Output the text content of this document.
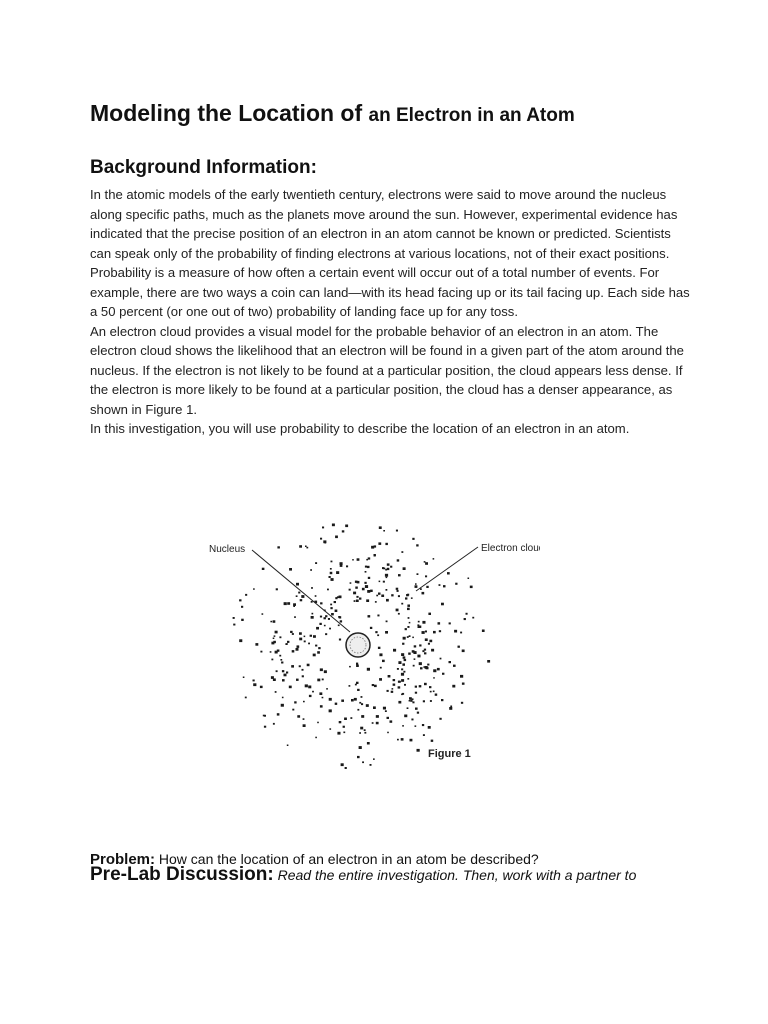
Modeling the Location of an Electron in an Atom
Background Information:

In the atomic models of the early twentieth century, electrons were said to move around the nucleus along specific paths, much as the planets move around the sun. However, experimental evidence has indicated that the precise position of an electron in an atom cannot be known or predicted. Scientists can speak only of the probability of finding electrons at various locations, not of their exact positions.

Probability is a measure of how often a certain event will occur out of a total number of events. For example, there are two ways a coin can land—with its head facing up or its tail facing up. Each side has a 50 percent (or one out of two) probability of landing face up for any toss.

An electron cloud provides a visual model for the probable behavior of an electron in an atom. The electron cloud shows the likelihood that an electron will be found in a given part of the atom around the nucleus. If the electron is not likely to be found at a particular position, the cloud appears less dense. If the electron is more likely to be found at a particular position, the cloud has a denser appearance, as shown in Figure 1.

In this investigation, you will use probability to describe the location of an electron in an atom.

Nucleus	Electron cloud
Figure 1
Problem: How can the location of an electron in an atom be described?
Pre-Lab Discussion: Read the entire investigation. Then, work with a partner to
